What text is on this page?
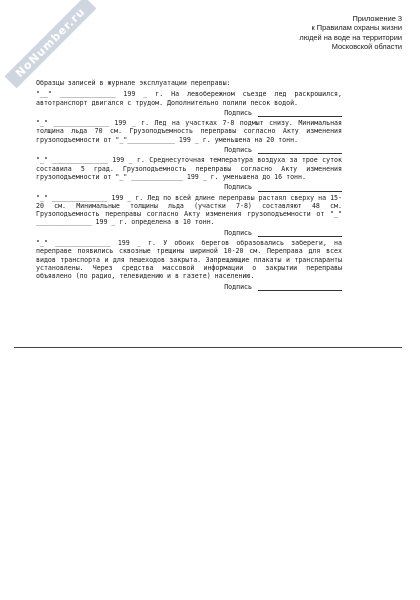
NoNumber.ru	Приложение 3
к Правилам охраны жизни
людей на воде на территории
Московской области
Образцы записей в журнале эксплуатации переправы:

"__" ______________ 199 _ г. На левобережном съезде лед раскрошился, автотранспорт двигался с трудом. Дополнительно полили песок водой.

Подпись

"_" ______________ 199 _ г. Лед на участках 7-8 подмыт снизу. Минимальная толщина льда 70 см. Грузоподъемность переправы согласно Акту изменения грузоподъемности от "_"____________ 199 _ г. уменьшена на 20 тонн.

Подпись

"_" ______________ 199 _ г. Среднесуточная температура воздуха за трое суток составила 5 град. Грузоподъемность переправы согласно Акту изменения грузоподъемности от "_" _____________ 199 _ г. уменьшена до 16 тонн.

Подпись

"_" ______________ 199 _ г. Лед по всей длине переправы растаял сверху на 15-20 см. Минимальные толщины льда (участки 7-8) составляют 48 см. Грузоподъемность переправы согласно Акту изменения грузоподъемности от "_" ______________ 199 _ г. определена в 10 тонн.

Подпись

"_" ______________ 199 _ г. У обоих берегов образовались забереги, на переправе появились сквозные трещины шириной 10-20 см. Переправа для всех видов транспорта и для пешеходов закрыта. Запрещающие плакаты и транспаранты установлены. Через средства массовой информации о закрытии переправы объявлено (по радио, телевидению и в газете) населению.

Подпись
